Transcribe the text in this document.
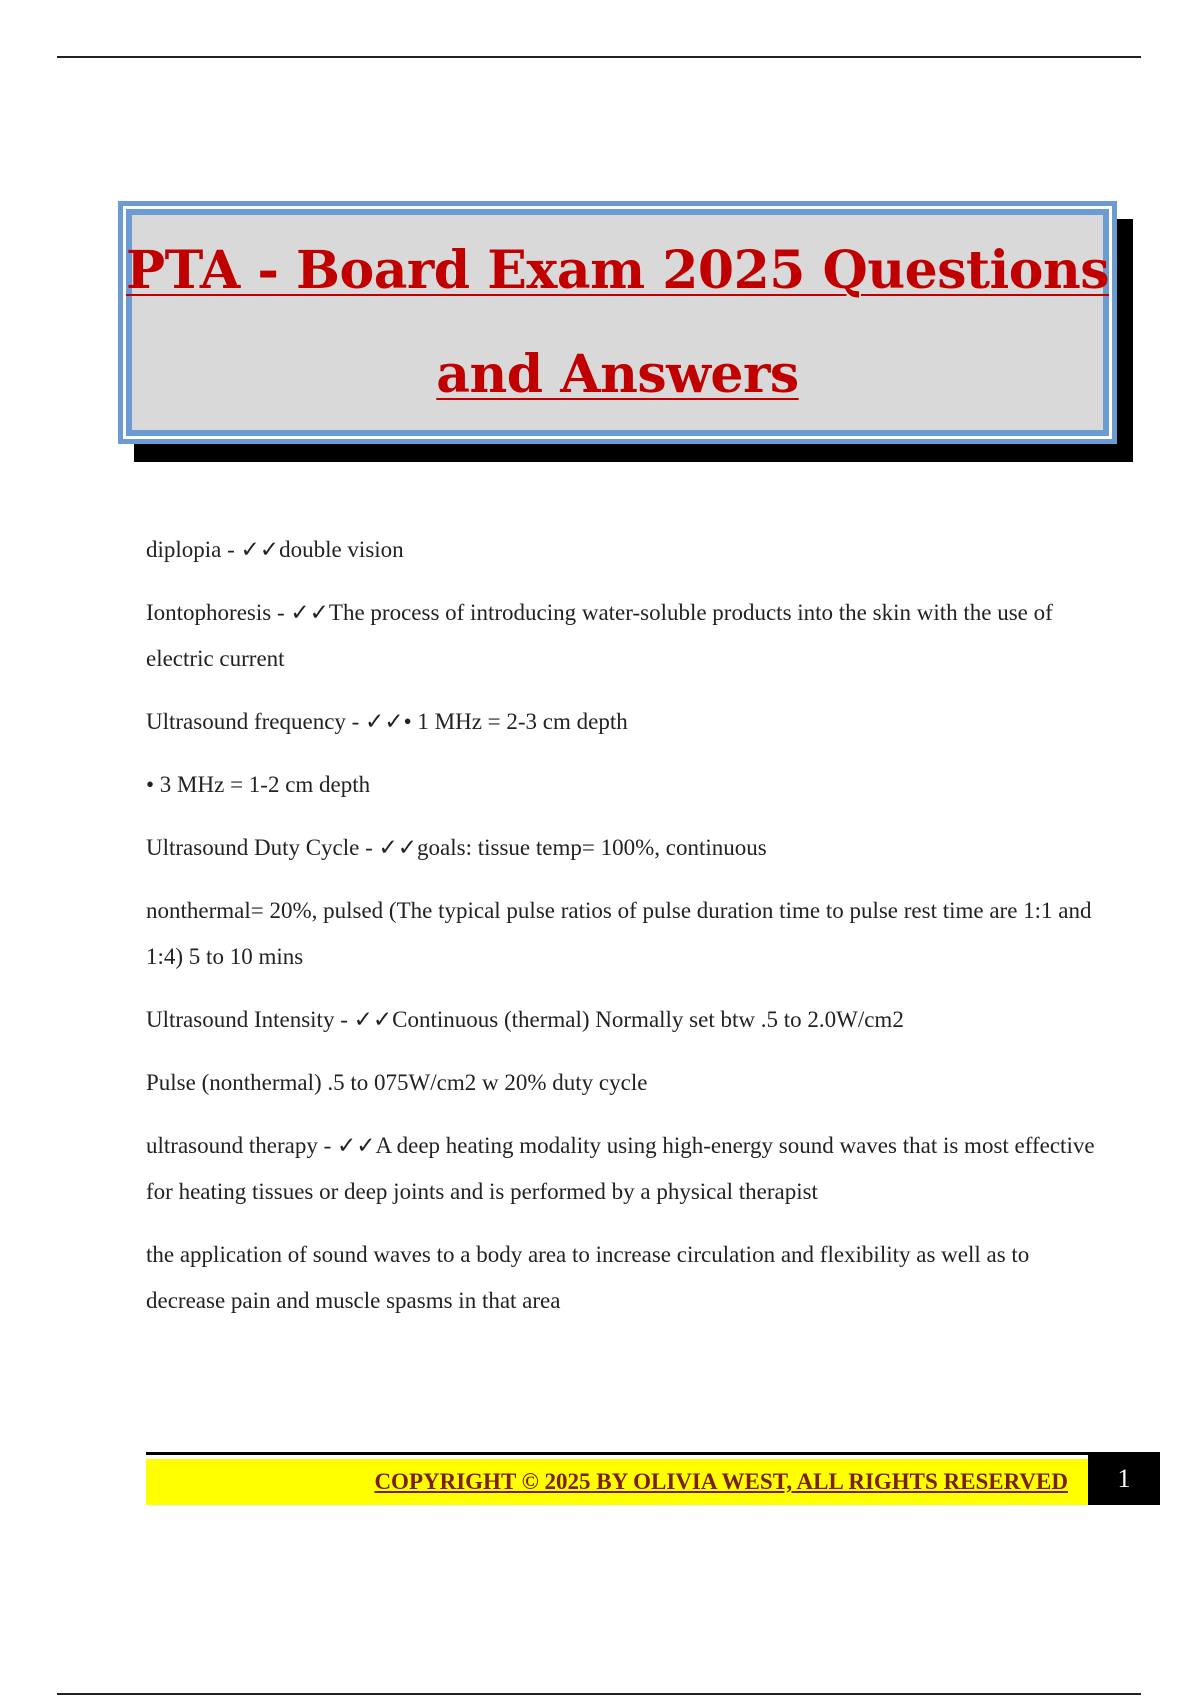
PTA - Board Exam 2025 Questions
and Answers

diplopia - ✓✓double vision

Iontophoresis - ✓✓The process of introducing water-soluble products into the skin with the use of electric current

Ultrasound frequency - ✓✓• 1 MHz = 2-3 cm depth

• 3 MHz = 1-2 cm depth

Ultrasound Duty Cycle - ✓✓goals: tissue temp= 100%, continuous

nonthermal= 20%, pulsed (The typical pulse ratios of pulse duration time to pulse rest time are 1:1 and 1:4) 5 to 10 mins

Ultrasound Intensity - ✓✓Continuous (thermal) Normally set btw .5 to 2.0W/cm2

Pulse (nonthermal) .5 to 075W/cm2 w 20% duty cycle

ultrasound therapy - ✓✓A deep heating modality using high-energy sound waves that is most effective for heating tissues or deep joints and is performed by a physical therapist

the application of sound waves to a body area to increase circulation and flexibility as well as to decrease pain and muscle spasms in that area

COPYRIGHT © 2025 BY OLIVIA WEST, ALL RIGHTS RESERVED	1
